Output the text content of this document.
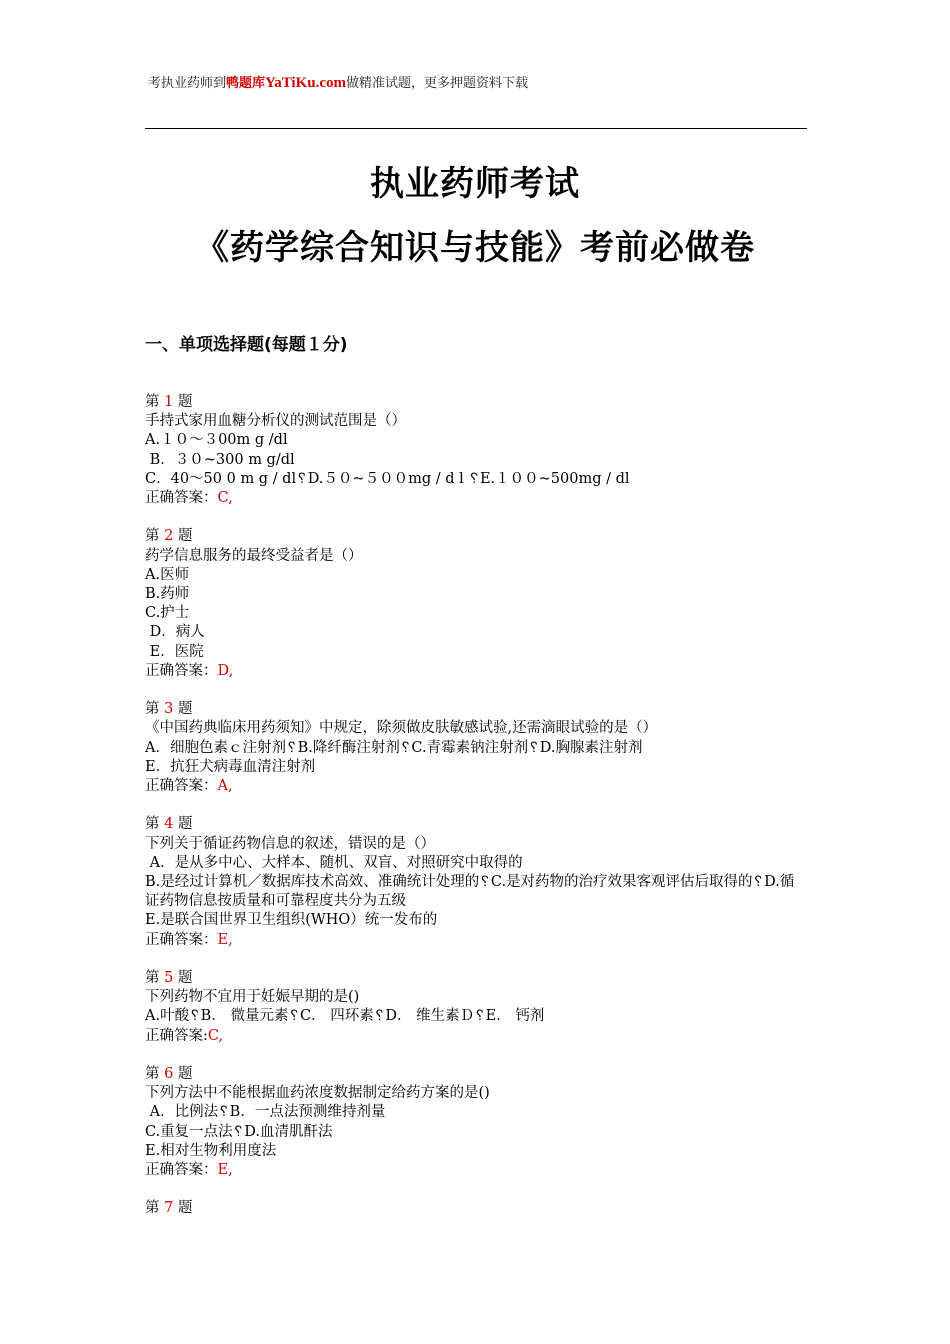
考执业药师到鸭题库YaTiKu.com做精准试题，更多押题资料下载
执业药师考试
《药学综合知识与技能》考前必做卷
一、单项选择题(每题１分)
第 1 题
手持式家用血糖分析仪的测试范围是（）
A.１０～３00m g /dl
B．３０~300 m g/dl
C．40～50 0 m g / dl␦D.５０~５００mg / d l ␦E.１００~500mg / dl
正确答案：C,
第 2 题
药学信息服务的最终受益者是（）
A.医师
B.药师
C.护士
D．病人
E．医院
正确答案：D,
第 3 题
《中国药典临床用药须知》中规定，除须做皮肤敏感试验,还需滴眼试验的是（）
A．细胞色素ｃ注射剂␦B.降纤酶注射剂␦C.青霉素钠注射剂␦D.胸腺素注射剂
E．抗狂犬病毒血清注射剂
正确答案：A,
第 4 题
下列关于循证药物信息的叙述，错误的是（）
A．是从多中心、大样本、随机、双盲、对照研究中取得的
B.是经过计算机／数据库技术高效、准确统计处理的␦C.是对药物的治疗效果客观评估后取得的␦D.循证药物信息按质量和可靠程度共分为五级
E.是联合国世界卫生组织(WHO）统一发布的
正确答案：E,
第 5 题
下列药物不宜用于妊娠早期的是()
A.叶酸␦B． 微量元素␦C． 四环素␦D． 维生素Ｄ␦E． 钙剂
正确答案:C,
第 6 题
下列方法中不能根据血药浓度数据制定给药方案的是()
A．比例法␦B．一点法预测维持剂量
C.重复一点法␦D.血清肌酐法
E.相对生物利用度法
正确答案：E,
第 7 题
